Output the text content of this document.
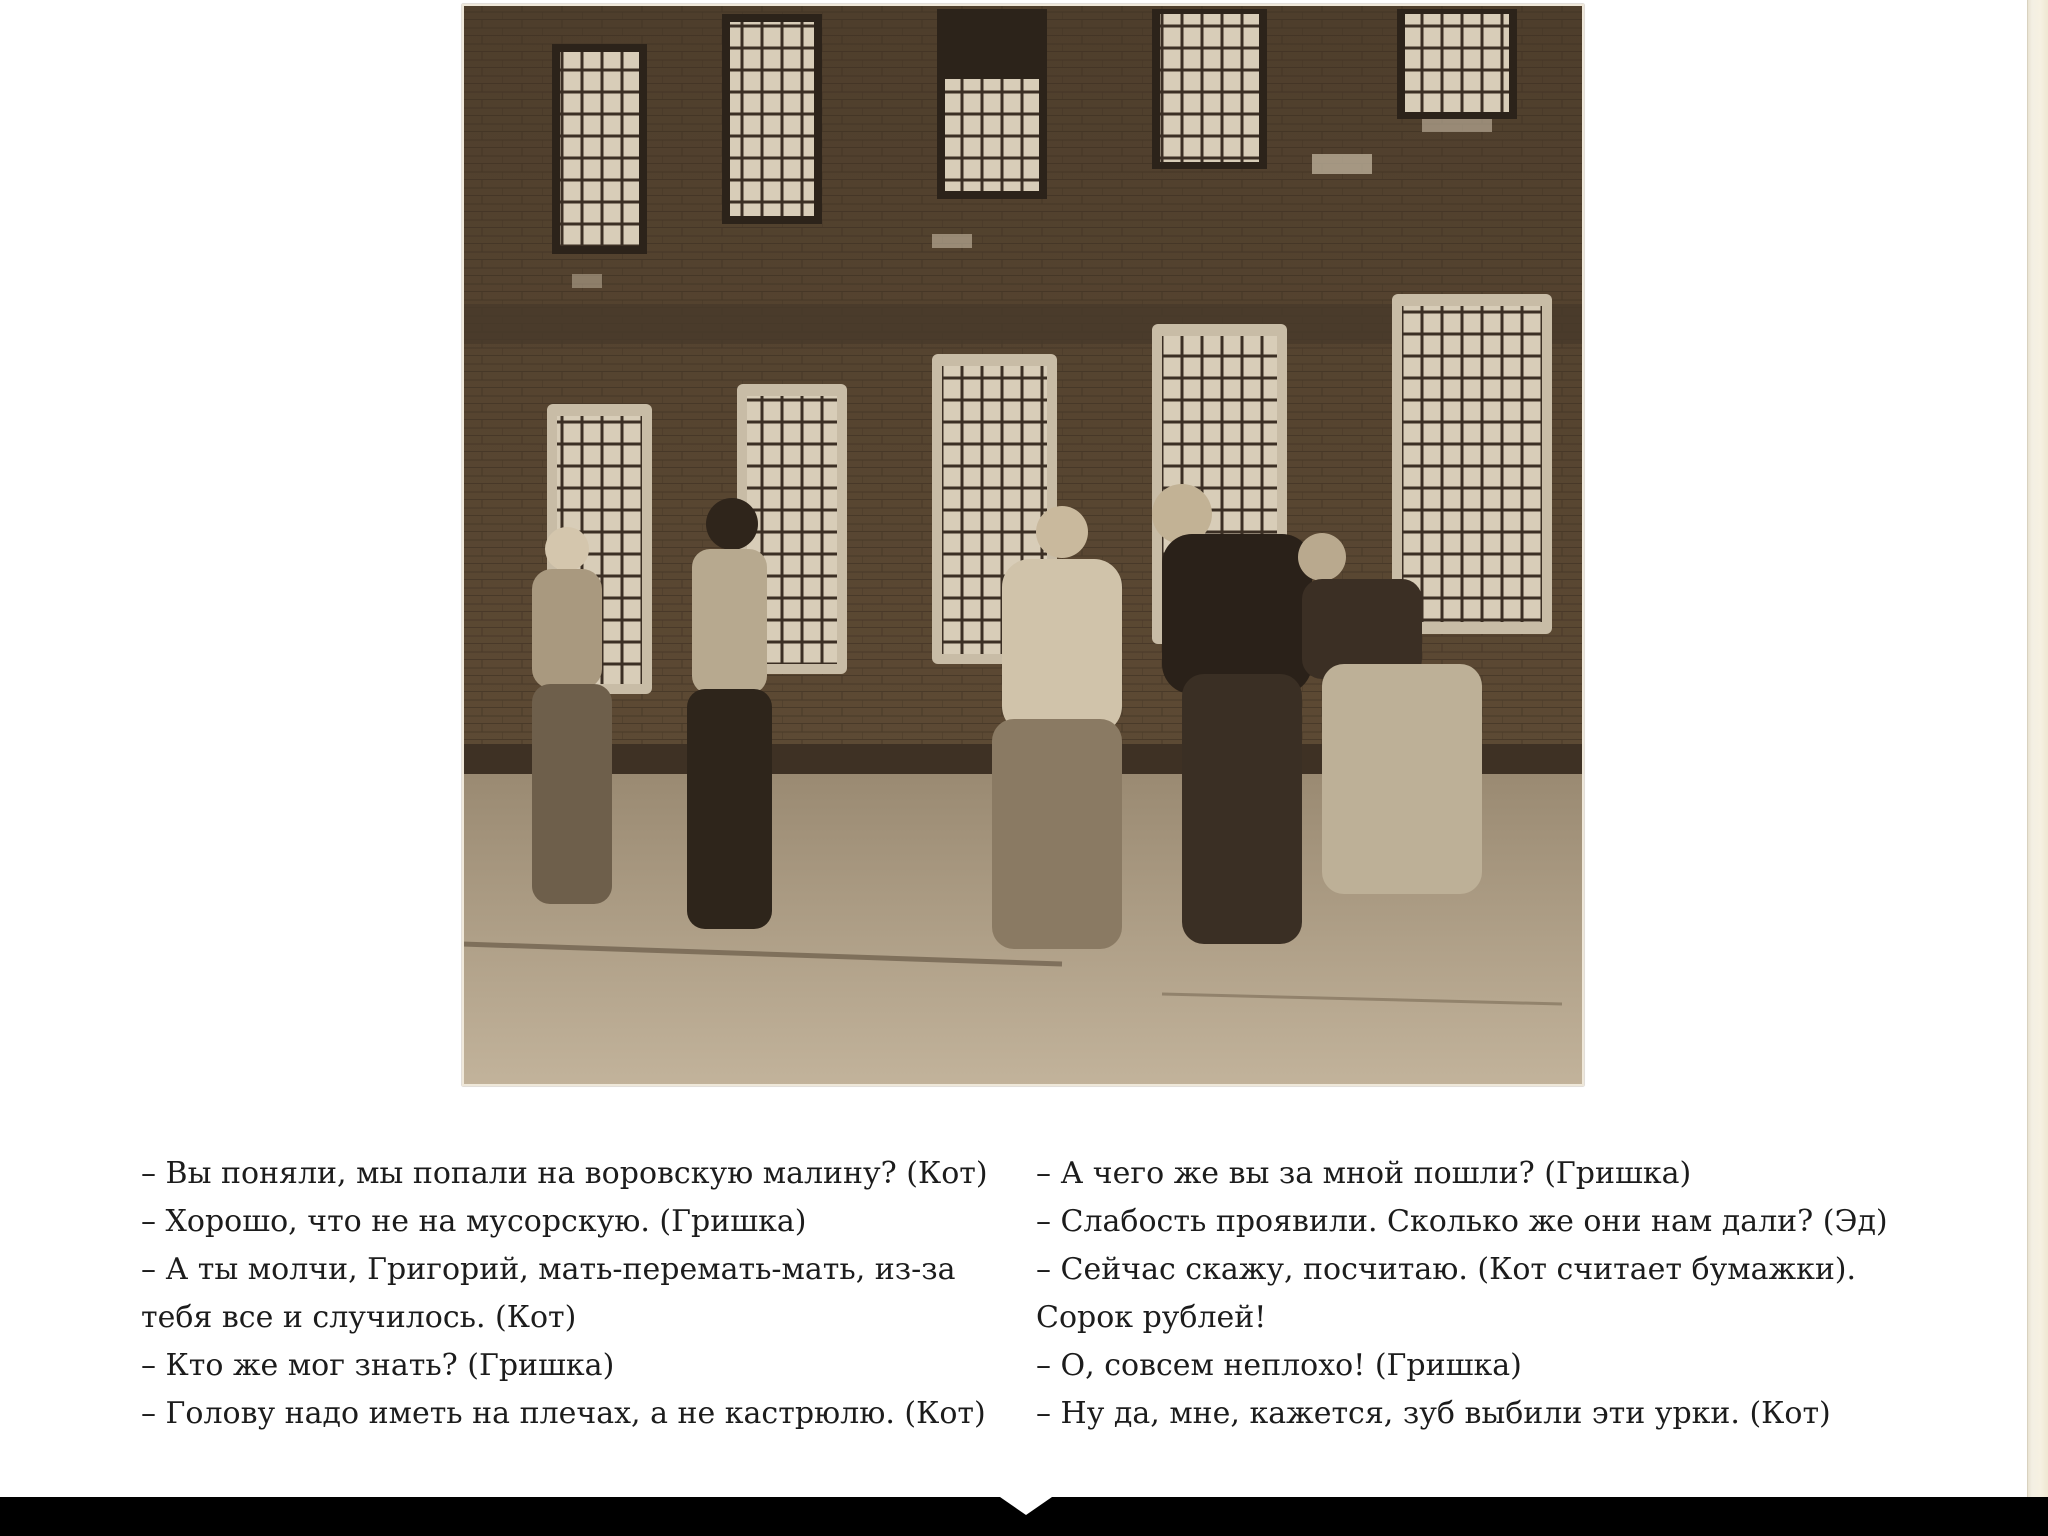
– Вы поняли, мы попали на воровскую малину? (Кот)

– Хорошо, что не на мусорскую. (Гришка)

– А ты молчи, Григорий, мать-перемать-мать, из-за

тебя все и случилось. (Кот)

– Кто же мог знать? (Гришка)

– Голову надо иметь на плечах, а не кастрюлю. (Кот)

– А чего же вы за мной пошли? (Гришка)

– Слабость проявили. Сколько же они нам дали? (Эд)

– Сейчас скажу, посчитаю. (Кот считает бумажки).

Сорок рублей!

– О, совсем неплохо! (Гришка)

– Ну да, мне, кажется, зуб выбили эти урки. (Кот)
